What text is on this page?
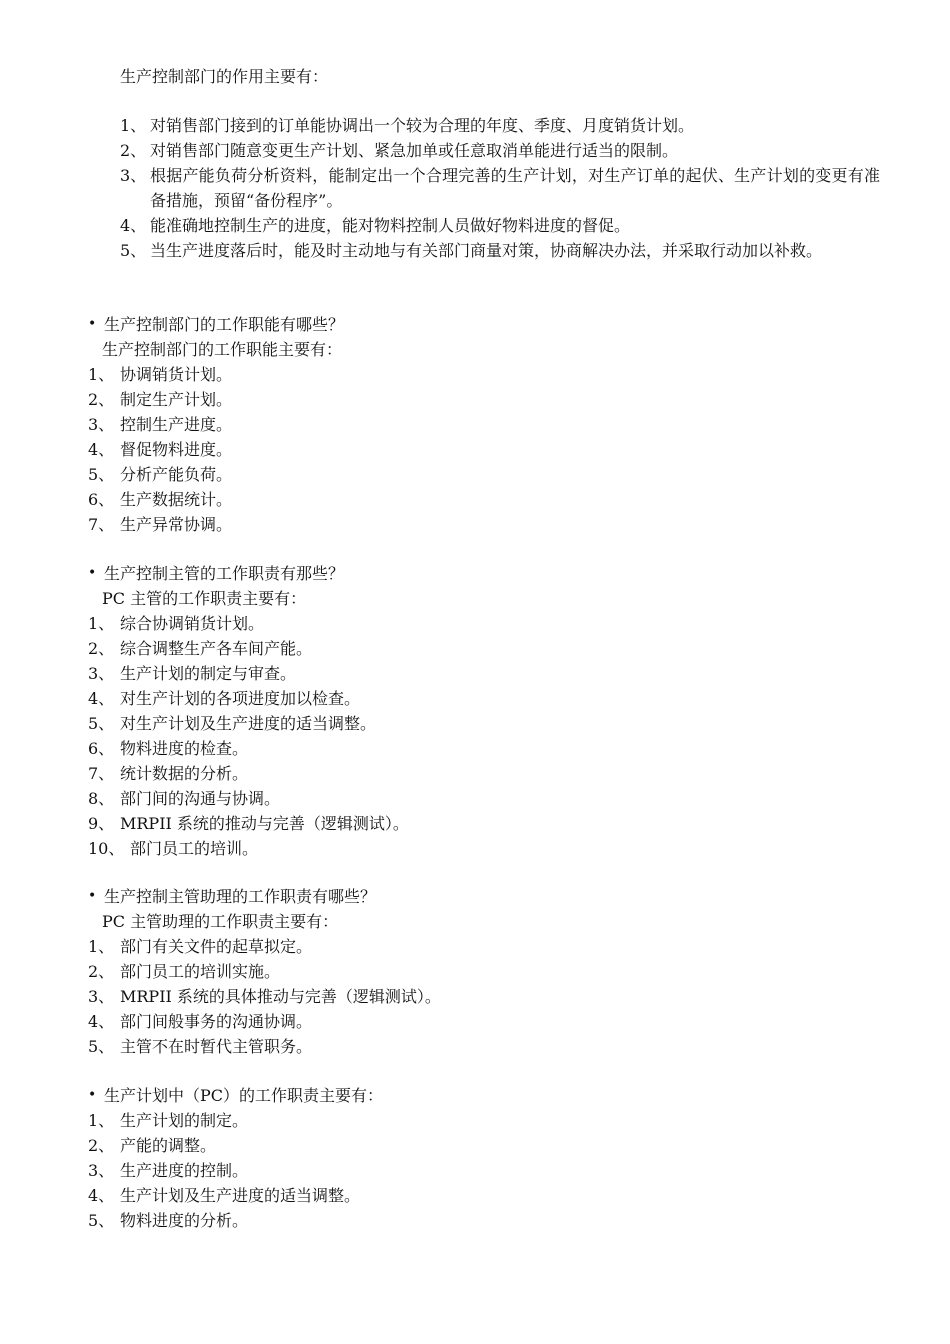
生产控制部门的作用主要有：
1、 对销售部门接到的订单能协调出一个较为合理的年度、季度、月度销货计划。
2、 对销售部门随意变更生产计划、紧急加单或任意取消单能进行适当的限制。
3、 根据产能负荷分析资料，能制定出一个合理完善的生产计划，对生产订单的起伏、生产计划的变更有准备措施，预留“备份程序”。
4、 能准确地控制生产的进度，能对物料控制人员做好物料进度的督促。
5、 当生产进度落后时，能及时主动地与有关部门商量对策，协商解决办法，并采取行动加以补救。
• 生产控制部门的工作职能有哪些？
生产控制部门的工作职能主要有：
1、 协调销货计划。
2、 制定生产计划。
3、 控制生产进度。
4、 督促物料进度。
5、 分析产能负荷。
6、 生产数据统计。
7、 生产异常协调。
• 生产控制主管的工作职责有那些？
PC 主管的工作职责主要有：
1、 综合协调销货计划。
2、 综合调整生产各车间产能。
3、 生产计划的制定与审查。
4、 对生产计划的各项进度加以检查。
5、 对生产计划及生产进度的适当调整。
6、 物料进度的检查。
7、 统计数据的分析。
8、 部门间的沟通与协调。
9、 MRPII 系统的推动与完善（逻辑测试）。
10、 部门员工的培训。
• 生产控制主管助理的工作职责有哪些？
PC 主管助理的工作职责主要有：
1、 部门有关文件的起草拟定。
2、 部门员工的培训实施。
3、 MRPII 系统的具体推动与完善（逻辑测试）。
4、 部门间般事务的沟通协调。
5、 主管不在时暂代主管职务。
• 生产计划中（PC）的工作职责主要有：
1、 生产计划的制定。
2、 产能的调整。
3、 生产进度的控制。
4、 生产计划及生产进度的适当调整。
5、 物料进度的分析。
